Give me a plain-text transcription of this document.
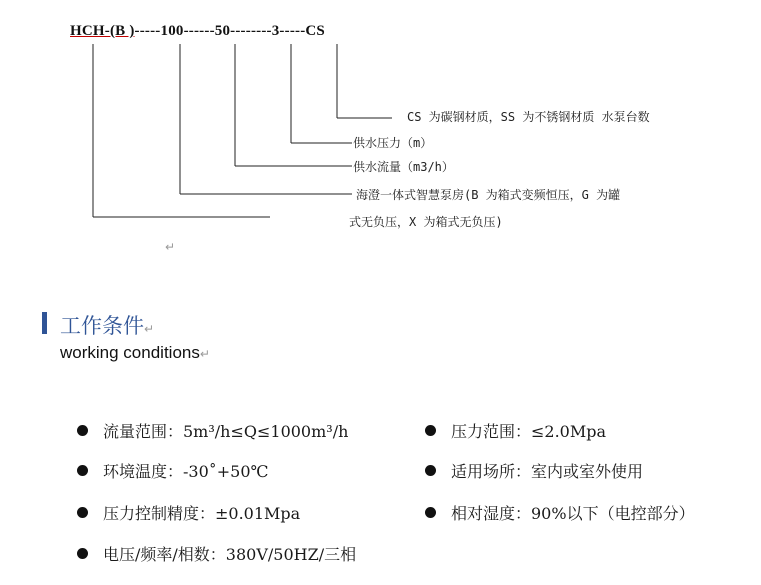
HCH-(B )-----100------50--------3-----CS
CS 为碳钢材质，SS 为不锈钢材质 水泵台数
供水压力（m）
供水流量（m3/h）
海澄一体式智慧泵房(B 为箱式变频恒压，G 为罐
式无负压，X 为箱式无负压)
↵
工作条件↵
working conditions↵
流量范围：5m³/h≤Q≤1000m³/h	压力范围：≤2.0Mpa
环境温度：-30˚+50℃	适用场所：室内或室外使用
压力控制精度：±0.01Mpa	相对湿度：90%以下（电控部分）
电压/频率/相数：380V/50HZ/三相
